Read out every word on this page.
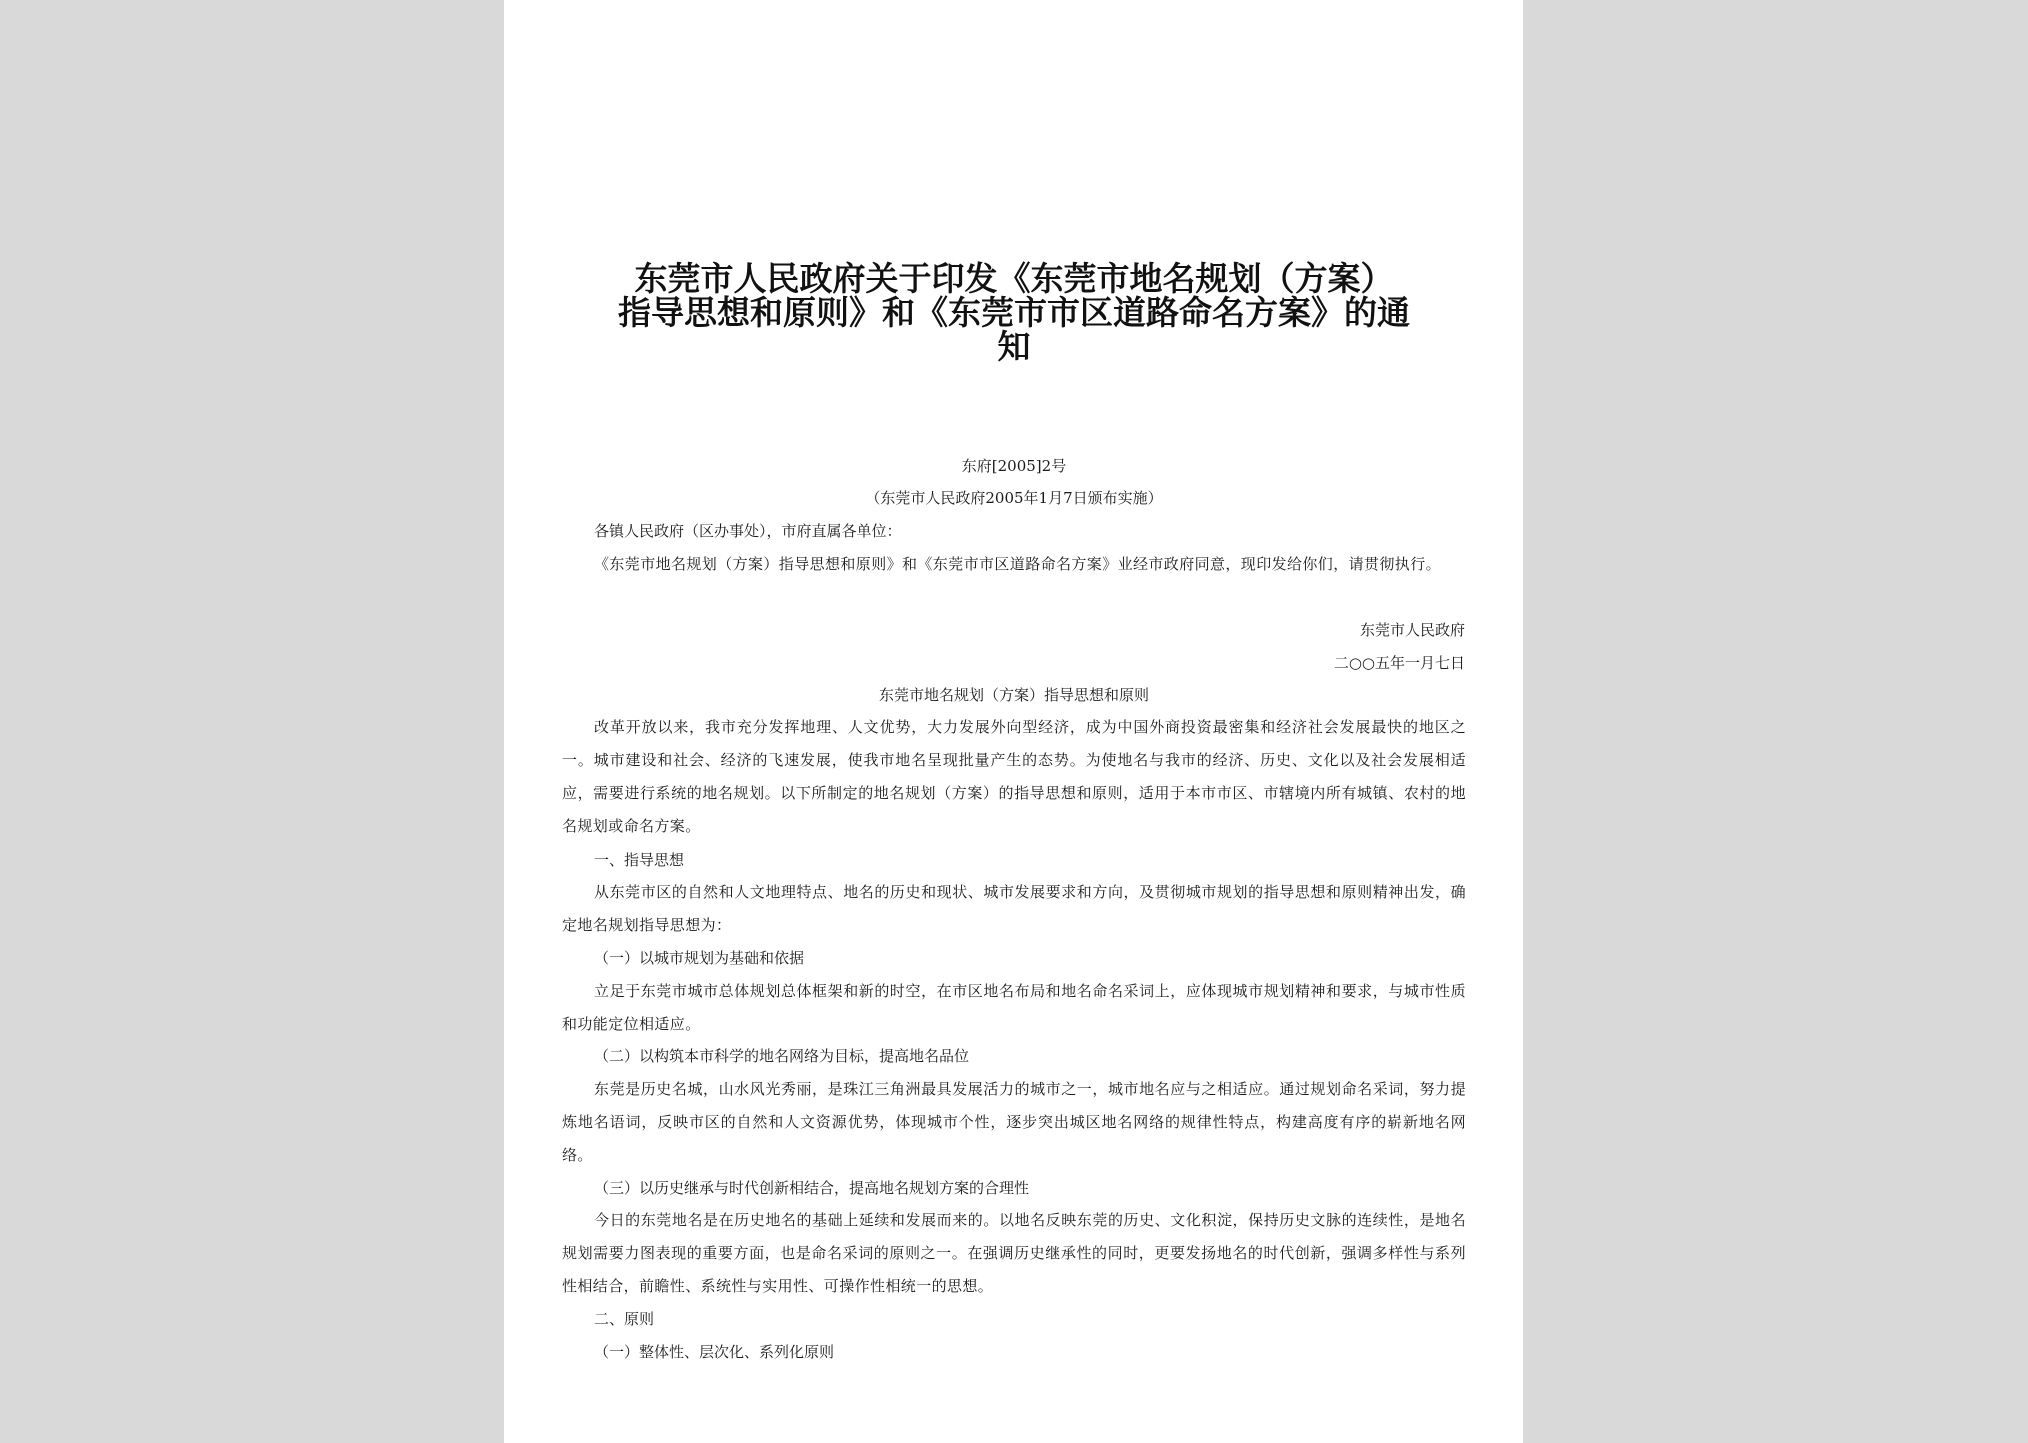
东莞市人民政府关于印发《东莞市地名规划（方案）
指导思想和原则》和《东莞市市区道路命名方案》的通
知
东府[2005]2号
（东莞市人民政府2005年1月7日颁布实施）
各镇人民政府（区办事处），市府直属各单位：
《东莞市地名规划（方案）指导思想和原则》和《东莞市市区道路命名方案》业经市政府同意，现印发给你们，请贯彻执行。
东莞市人民政府
二○○五年一月七日
东莞市地名规划（方案）指导思想和原则
改革开放以来，我市充分发挥地理、人文优势，大力发展外向型经济，成为中国外商投资最密集和经济社会发展最快的地区之一。城市建设和社会、经济的飞速发展，使我市地名呈现批量产生的态势。为使地名与我市的经济、历史、文化以及社会发展相适应，需要进行系统的地名规划。以下所制定的地名规划（方案）的指导思想和原则，适用于本市市区、市辖境内所有城镇、农村的地名规划或命名方案。
一、指导思想
从东莞市区的自然和人文地理特点、地名的历史和现状、城市发展要求和方向，及贯彻城市规划的指导思想和原则精神出发，确定地名规划指导思想为：
（一）以城市规划为基础和依据
立足于东莞市城市总体规划总体框架和新的时空，在市区地名布局和地名命名采词上，应体现城市规划精神和要求，与城市性质和功能定位相适应。
（二）以构筑本市科学的地名网络为目标，提高地名品位
东莞是历史名城，山水风光秀丽，是珠江三角洲最具发展活力的城市之一，城市地名应与之相适应。通过规划命名采词，努力提炼地名语词，反映市区的自然和人文资源优势，体现城市个性，逐步突出城区地名网络的规律性特点，构建高度有序的崭新地名网络。
（三）以历史继承与时代创新相结合，提高地名规划方案的合理性
今日的东莞地名是在历史地名的基础上延续和发展而来的。以地名反映东莞的历史、文化积淀，保持历史文脉的连续性，是地名规划需要力图表现的重要方面，也是命名采词的原则之一。在强调历史继承性的同时，更要发扬地名的时代创新，强调多样性与系列性相结合，前瞻性、系统性与实用性、可操作性相统一的思想。
二、原则
（一）整体性、层次化、系列化原则
